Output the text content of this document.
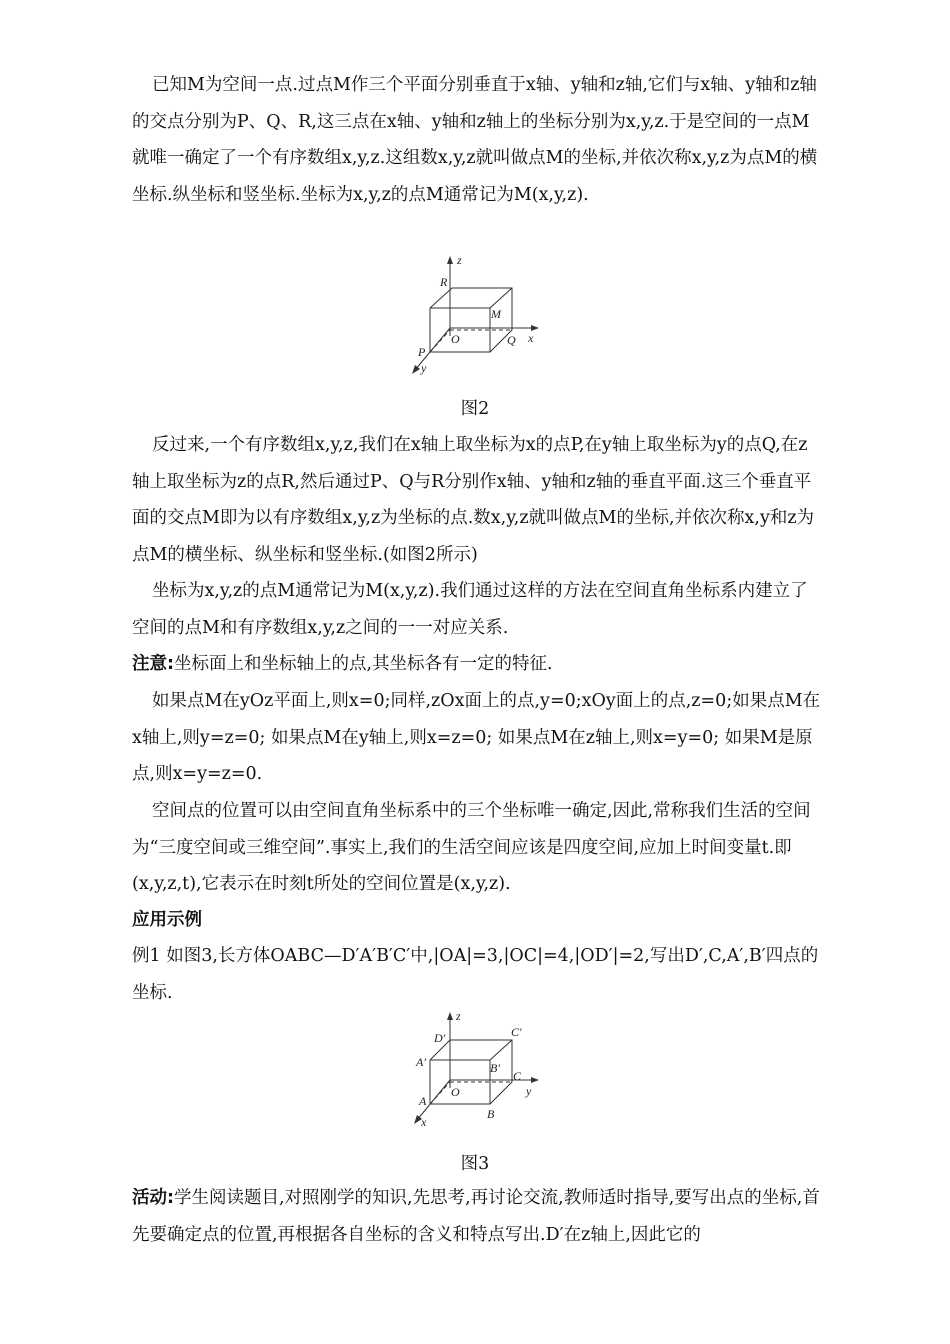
已知M为空间一点.过点M作三个平面分别垂直于x轴、y轴和z轴,它们与x轴、y轴和z轴的交点分别为P、Q、R,这三点在x轴、y轴和z轴上的坐标分别为x,y,z.于是空间的一点M就唯一确定了一个有序数组x,y,z.这组数x,y,z就叫做点M的坐标,并依次称x,y,z为点M的横坐标.纵坐标和竖坐标.坐标为x,y,z的点M通常记为M(x,y,z).

z
R
M
O	Q x
P
y
图2

反过来,一个有序数组x,y,z,我们在x轴上取坐标为x的点P,在y轴上取坐标为y的点Q,在z轴上取坐标为z的点R,然后通过P、Q与R分别作x轴、y轴和z轴的垂直平面.这三个垂直平面的交点M即为以有序数组x,y,z为坐标的点.数x,y,z就叫做点M的坐标,并依次称x,y和z为点M的横坐标、纵坐标和竖坐标.(如图2所示)

坐标为x,y,z的点M通常记为M(x,y,z).我们通过这样的方法在空间直角坐标系内建立了空间的点M和有序数组x,y,z之间的一一对应关系.

注意:坐标面上和坐标轴上的点,其坐标各有一定的特征.

如果点M在yOz平面上,则x=0;同样,zOx面上的点,y=0;xOy面上的点,z=0;如果点M在x轴上,则y=z=0; 如果点M在y轴上,则x=z=0; 如果点M在z轴上,则x=y=0; 如果M是原点,则x=y=z=0.

空间点的位置可以由空间直角坐标系中的三个坐标唯一确定,因此,常称我们生活的空间为“三度空间或三维空间”.事实上,我们的生活空间应该是四度空间,应加上时间变量t.即(x,y,z,t),它表示在时刻t所处的空间位置是(x,y,z).

应用示例

例1 如图3,长方体OABC—D′A′B′C′中,|OA|=3,|OC|=4,|OD′|=2,写出D′,C,A′,B′四点的坐标.

z
D′	C′
A′	B′
C
O	y
A
B
x
图3

活动:学生阅读题目,对照刚学的知识,先思考,再讨论交流,教师适时指导,要写出点的坐标,首先要确定点的位置,再根据各自坐标的含义和特点写出.D′在z轴上,因此它的
